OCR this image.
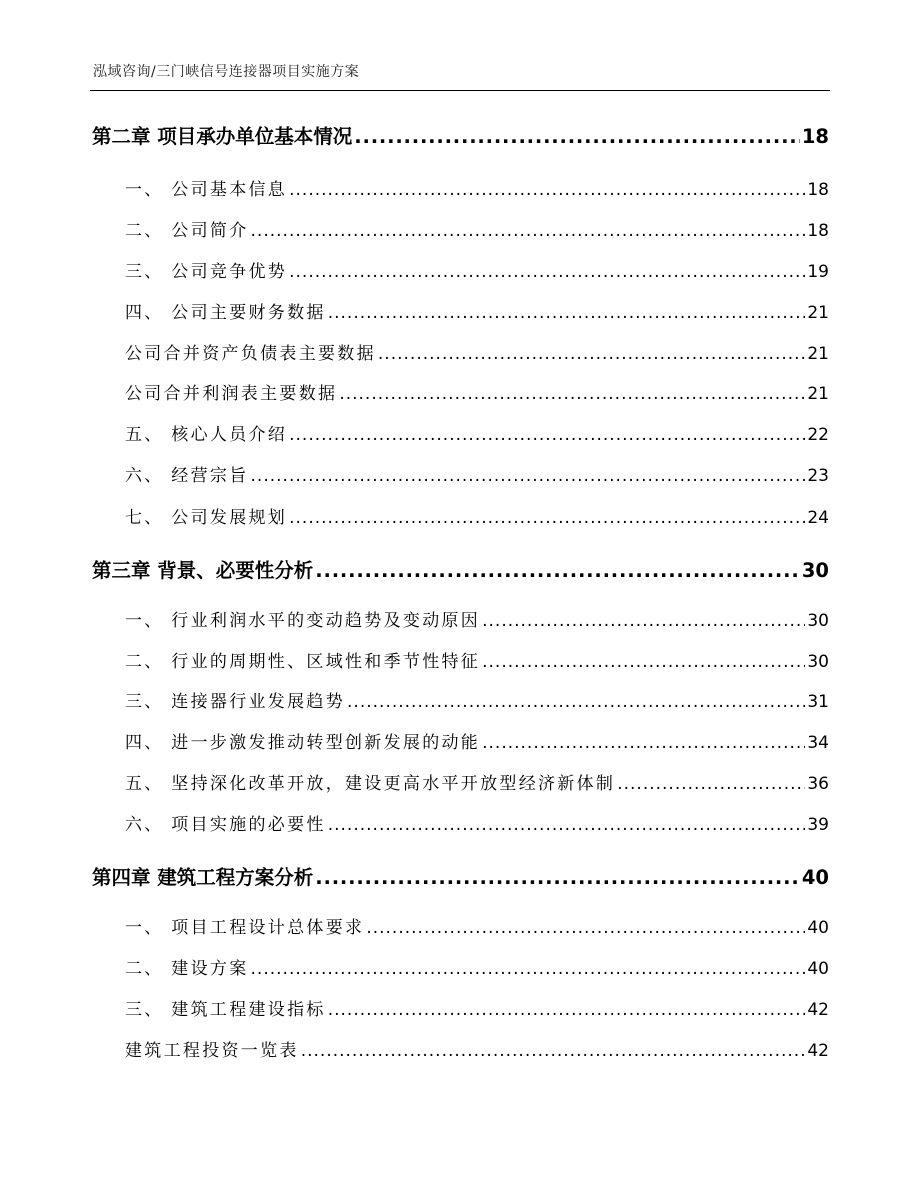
泓域咨询/三门峡信号连接器项目实施方案
第二章 项目承办单位基本情况 .....	18
一、 公司基本信息 .....	18
二、 公司简介 .....	18
三、 公司竞争优势 .....	19
四、 公司主要财务数据 .....	21
公司合并资产负债表主要数据 .....	21
公司合并利润表主要数据 .....	21
五、 核心人员介绍 .....	22
六、 经营宗旨 .....	23
七、 公司发展规划 .....	24
第三章 背景、必要性分析 .....	30
一、 行业利润水平的变动趋势及变动原因 .....	30
二、 行业的周期性、区域性和季节性特征 .....	30
三、 连接器行业发展趋势 .....	31
四、 进一步激发推动转型创新发展的动能 .....	34
五、 坚持深化改革开放，建设更高水平开放型经济新体制 .....	36
六、 项目实施的必要性 .....	39
第四章 建筑工程方案分析 .....	40
一、 项目工程设计总体要求 .....	40
二、 建设方案 .....	40
三、 建筑工程建设指标 .....	42
建筑工程投资一览表 .....	42
